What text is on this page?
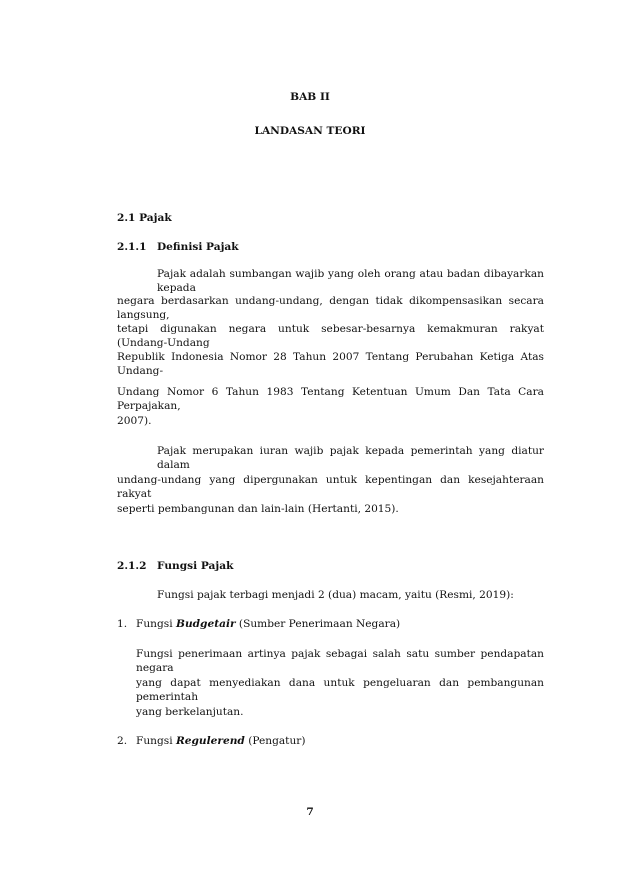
BAB II
LANDASAN TEORI
2.1 Pajak
2.1.1 Definisi Pajak
Pajak adalah sumbangan wajib yang oleh orang atau badan dibayarkan kepada
negara berdasarkan undang-undang, dengan tidak dikompensasikan secara langsung,
tetapi digunakan negara untuk sebesar-besarnya kemakmuran rakyat (Undang-Undang
Republik Indonesia Nomor 28 Tahun 2007 Tentang Perubahan Ketiga Atas Undang-
Undang Nomor 6 Tahun 1983 Tentang Ketentuan Umum Dan Tata Cara Perpajakan,
2007).
Pajak merupakan iuran wajib pajak kepada pemerintah yang diatur dalam
undang-undang yang dipergunakan untuk kepentingan dan kesejahteraan rakyat
seperti pembangunan dan lain-lain (Hertanti, 2015).
2.1.2 Fungsi Pajak
Fungsi pajak terbagi menjadi 2 (dua) macam, yaitu (Resmi, 2019):
1. Fungsi Budgetair (Sumber Penerimaan Negara)
Fungsi penerimaan artinya pajak sebagai salah satu sumber pendapatan negara
yang dapat menyediakan dana untuk pengeluaran dan pembangunan pemerintah
yang berkelanjutan.
2. Fungsi Regulerend (Pengatur)
7
